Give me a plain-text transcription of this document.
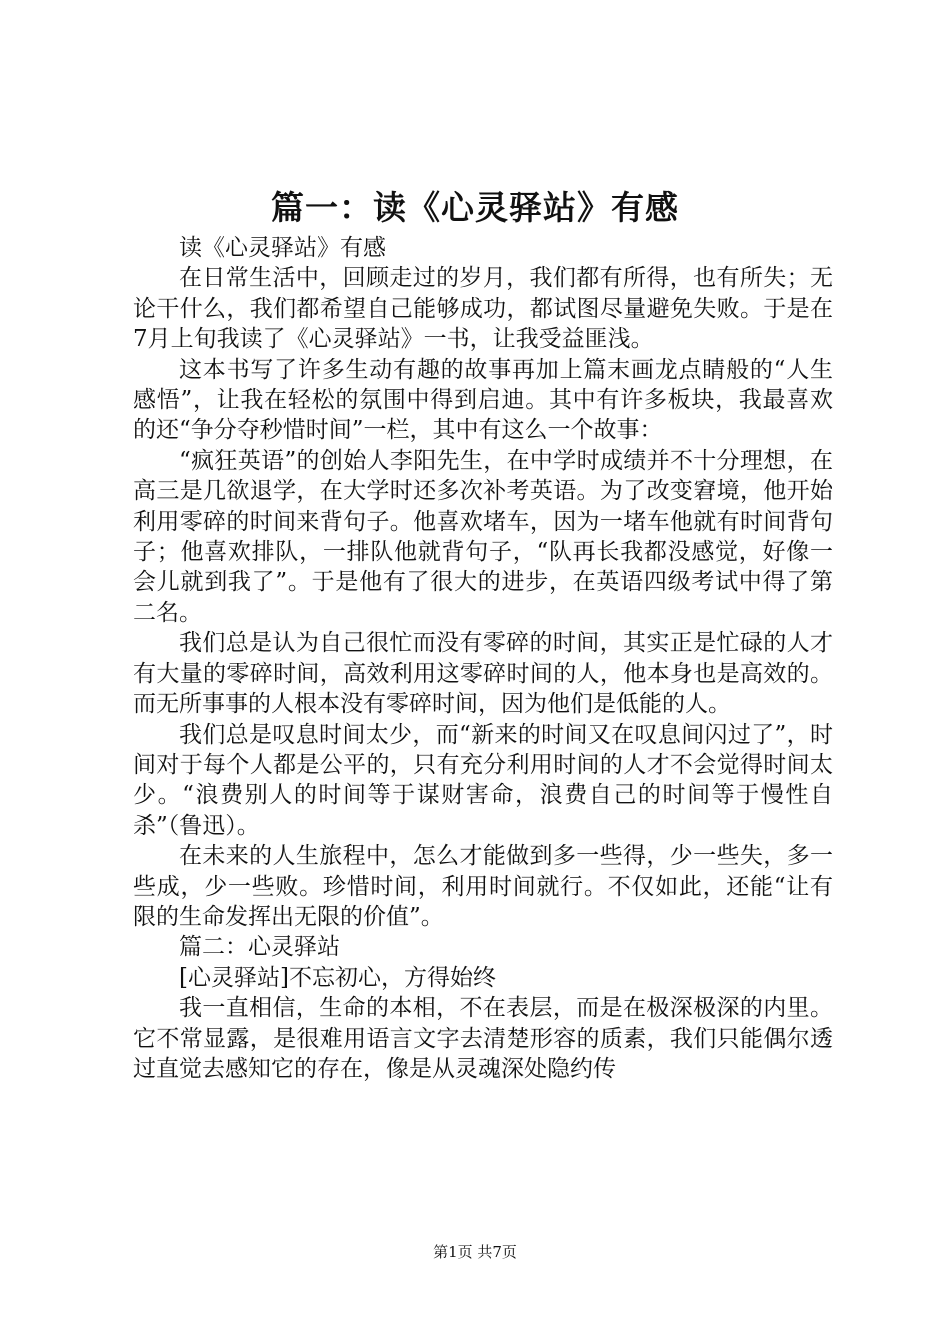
篇一：读《心灵驿站》有感

读《心灵驿站》有感

在日常生活中，回顾走过的岁月，我们都有所得，也有所失；无论干什么，我们都希望自己能够成功，都试图尽量避免失败。于是在7月上旬我读了《心灵驿站》一书，让我受益匪浅。

这本书写了许多生动有趣的故事再加上篇末画龙点睛般的“人生感悟”，让我在轻松的氛围中得到启迪。其中有许多板块，我最喜欢的还“争分夺秒惜时间”一栏，其中有这么一个故事：

“疯狂英语”的创始人李阳先生，在中学时成绩并不十分理想，在高三是几欲退学，在大学时还多次补考英语。为了改变窘境，他开始利用零碎的时间来背句子。他喜欢堵车，因为一堵车他就有时间背句子；他喜欢排队，一排队他就背句子，“队再长我都没感觉，好像一会儿就到我了”。于是他有了很大的进步，在英语四级考试中得了第二名。

我们总是认为自己很忙而没有零碎的时间，其实正是忙碌的人才有大量的零碎时间，高效利用这零碎时间的人，他本身也是高效的。而无所事事的人根本没有零碎时间，因为他们是低能的人。

我们总是叹息时间太少，而“新来的时间又在叹息间闪过了”，时间对于每个人都是公平的，只有充分利用时间的人才不会觉得时间太少。“浪费别人的时间等于谋财害命，浪费自己的时间等于慢性自杀”（鲁迅）。

在未来的人生旅程中，怎么才能做到多一些得，少一些失，多一些成，少一些败。珍惜时间，利用时间就行。不仅如此，还能“让有限的生命发挥出无限的价值”。

篇二：心灵驿站

[心灵驿站]不忘初心，方得始终

我一直相信，生命的本相，不在表层，而是在极深极深的内里。它不常显露，是很难用语言文字去清楚形容的质素，我们只能偶尔透过直觉去感知它的存在，像是从灵魂深处隐约传

第1页 共7页
